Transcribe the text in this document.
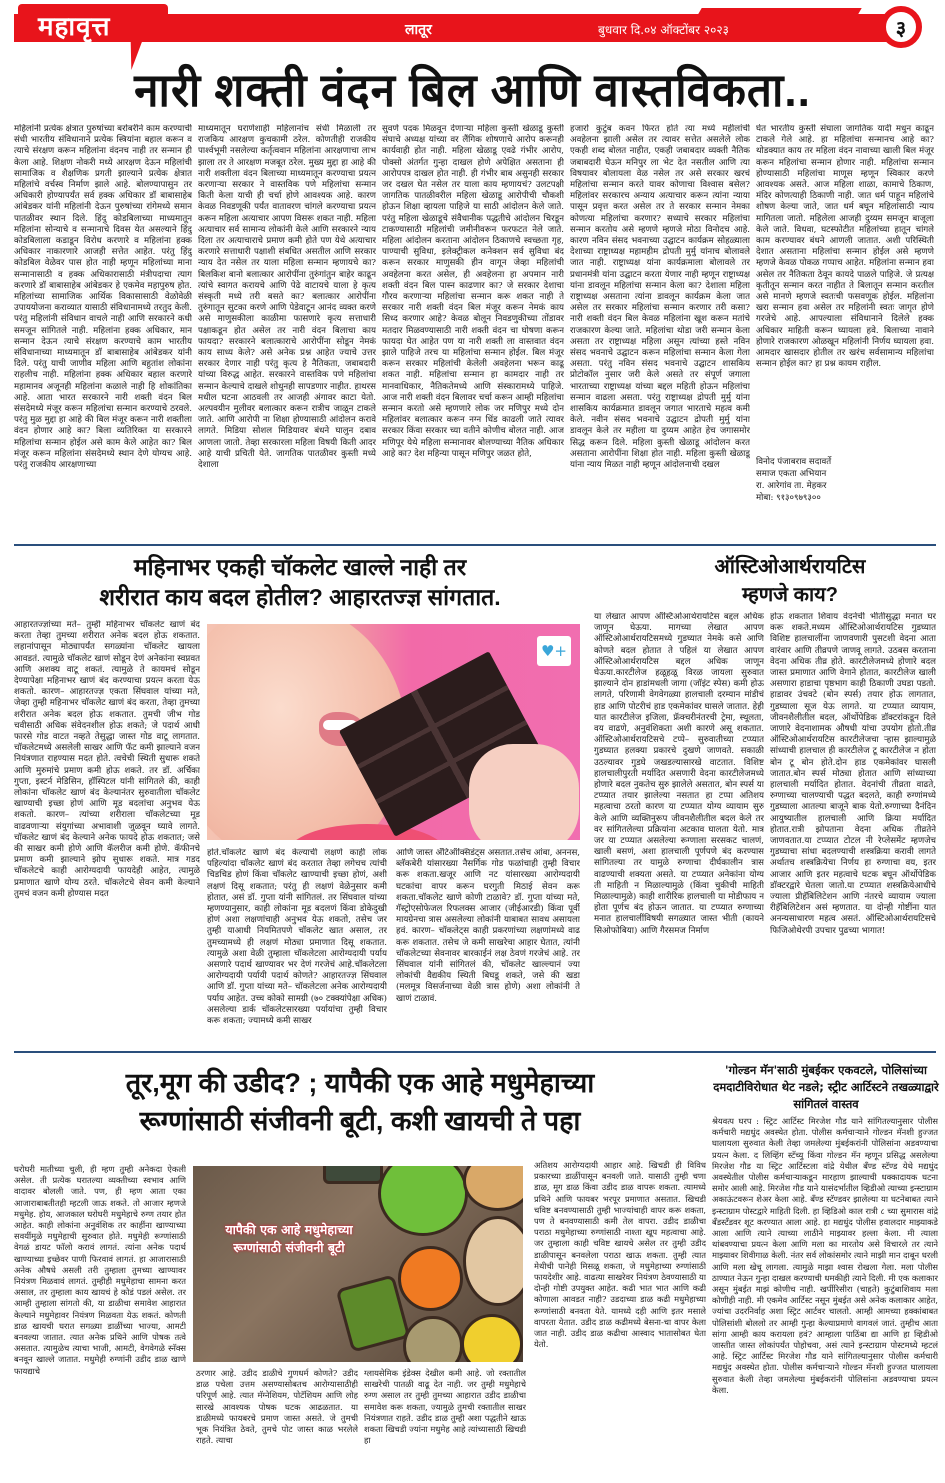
महावृत्त	लातूर	बुधवार दि.०४ ऑक्टोंबर २०२३	३
नारी शक्ती वंदन बिल आणि वास्तविकता..
महिलांनी प्रत्येक क्षेत्रात पुरुषांच्या बरोबरीने काम करण्याची संधी भारतीय संविधानाने प्रत्येक स्त्रियांना बहाल करून व त्याचे संरक्षण करून महिलांना वंदनच नाही तर सन्मान ही केला आहे. शिक्षण नोकरी मध्ये आरक्षण देऊन महिलांची सामाजिक व शैक्षणिक प्रगती झाल्याने प्रत्येक क्षेत्रात महिलांचे वर्चस्व निर्माण झाले आहे. बोलण्यापासुन तर अधिकारी होण्यापर्यंत सर्व हक्क अधिकार डॉ बाबासाहेब आंबेडकर यांनी महिलांनी देऊन पुरुषांच्या रांगेमध्ये समान पातळीवर स्थान दिले. हिंदु कोडबिलाच्या माध्यमातून महिलांना सोन्याचे व सन्मानाचे दिवस येत असल्याने हिंदु कोडबिलाला कडाडून विरोध करणारे व महिलांना हक्क अधिकार नाकारणारे आजही सत्तेत आहेत. परंतु हिंदु कोडबिल वेळेवर पास होत नाही म्हणून महिलांच्या माना सन्मानासाठी व हक्क अधिकारासाठी मंत्रीपदाचा त्याग करणारे डॉ बाबासाहेब आंबेडकर हे एकमेव महापुरुष होत. महिलांच्या सामाजिक आर्थिक विकासासाठी वेळोवेळी उपाययोजना कराव्यात यासाठी संविधानामध्ये तरतुद केली. परंतु महिलांनी संविधान वाचले नाही आणि सरकारने कधी समजून सांगितले नाही. महिलांना हक्क अधिकार, मान सन्मान देऊन त्याचे संरक्षण करण्याचे काम भारतीय संविधानाच्या माध्यमातून डॉ बाबासाहेब आंबेडकर यांनी दिले. परंतु याची जाणीव महिला आणि बहुतांश लोकांना राहलीच नाही. महिलांना हक्क अधिकार बहाल करणारे महामानव अजूनही महिलांना कळाले नाही हि शोकांतिका आहे. आता भारत सरकारने नारी शक्ती वंदन बिल संसदेमध्ये मंजूर करून महिलांचा सन्मान करण्याचे ठरवले. परंतु मुळ मुद्दा हा आहे की बिल मंजूर करून नारी शक्तीला वंदन होणार आहे का? बिला व्यतिरिक्त या सरकारने महिलांचा सन्मान होईल असे काम केले आहेत का? बिल मंजूर करून महिलांना संसदेमध्ये स्थान देणे योग्यच आहे. परंतु राजकीय आरक्षणाच्या
माध्यमातून घराणेशाही महिलानांच संधी मिळाली तर राजकिय आरक्षण कुचकामी ठरेल. कोणतीही राजकीय पार्श्वभूमी नसलेल्या कर्तृत्ववान महिलांना आरक्षणाचा लाभ झाला तर ते आरक्षण मजबूत ठरेल. मुख्य मुद्दा हा आहे की नारी शक्तीला वंदन बिलाच्या माध्यमातून करण्याचा प्रयत्न करणाऱ्या सरकार ने वास्तविक पणे महिलांचा सन्मान किती केला याची ही चर्चा होणे आवश्यक आहे. कारण केवळ निवडणूकी पर्यंत वातावरण चांगले करण्याचा प्रयत्न करून महिला अत्याचार आपण विसरू शकत नाही. महिला अत्याचार सर्व सामान्य लोकांनी केले आणि सरकारने न्याय दिला तर अत्याचाराचे प्रमाण कमी होते पण येथे अत्याचार करणारे सत्ताधारी पक्षाशी संबधित असतील आणि सरकार न्याय देत नसेल तर याला महिला सन्मान म्हणायचे का? बिलकिश बानो बलात्कार आरोपींना तुरुंगांतुन बाहेर काढून त्यांचे स्वागत करायचे आणि पेढे वाटायचे याला हे कृत्य संस्कृती मध्ये तरी बसते का? बलात्कार आरोपींना तुरुंगातून सुटका करणे आणि पेडेवाटून आनंद व्यक्त करणे असे माणुसकीला काळीमा फासणारे कृत्य सत्ताधारी पक्षाकडून होत असेल तर नारी वंदन बिलाचा काय फायदा? सरकारने बलात्काराचे आरोपींना सोडून नेमकं काय साध्य केले? असे अनेक प्रश्न आहेत ज्याचे उत्तर सरकार देणार नाही परंतु कृत्य हे नैतिकता, जबाबदारी यांच्या विरुद्ध आहेत. सरकारने वास्तविक पणे महिलांचा सन्मान केल्याचे दाखले शोधुनही सापडणार नाहीत. हाथरस मधील घटना आठवली तर आजही अंगावर काटा येतो. अल्पवयीन मुलीवर बलात्कार करून रात्रीच जाळून टाकले जाते. आणि आरोपी ना शिक्षा होण्यासाठी आंदोलन करावे लागते. मिडिया सोशल मिडियावर बंधने घालुन दबाव आणला जातो. तेव्हा सरकारला महिला विषयी किती आदर आहे याची प्रचिती येते. जागतिक पातळीवर कुस्ती मध्ये देशाला
सुवर्ण पदक मिळवून देणाऱ्या महिला कुस्ती खेळाडू कुस्ती संघाचे अध्यक्ष यांच्या वर लैंगिक शोषणाचे आरोप करूनही कार्यवाही होत नाही. महिला खेळाडू एवढे गंभीर आरोप, पोक्सो अंतर्गत गुन्हा दाखल होणे अपेक्षित असताना ही आरोपपत्र दाखल होत नाही. ही गंभीर बाब असुनही सरकार जर दखल घेत नसेल तर याला काय म्हणायचं? उलटपक्षी जागतिक पातळीवरील महिला खेळाडू आरोपीची चौकशी होऊन शिक्षा व्हायला पाहिजे या साठी आंदोलन केले जाते. परंतु महिला खेळाडूचे संवैधानीक पद्धतीचे आंदोलन चिरडून टाकण्यासाठी महिलांची जमीनीवरून फरफटत नेले जाते. महिला आंदोलन करताना आंदोलन ठिकाणचे स्वच्छता गृह, पाण्याची सुविधा, इलेक्ट्रीकल कनेक्शन सर्व सुविधा बंद करून सरकार माणुसकी हीन वागून जेव्हा महिलांची अवहेलना करत असेल, ही अवहेलना हा अपमान नारी शक्ती वंदन बिल पास्न काढणार का? जे सरकार देशाचा गौरव करणाऱ्या महिलांचा सन्मान करू शकत नाही ते सरकार नारी शक्ती वंदन बिल मंजूर करून नेमकं काय सिध्द करणार आहे? केवळ बोलून निवडणुकीच्या तोंडावर मतदार मिळवण्यासाठी नारी शक्ती वंदन चा घोषणा करून फायदा घेत आहेत पण या नारी शक्ती ला वास्तवात वंदन झाले पाहिजे तरच या महिलांचा सन्मान होईल. बिल मंजूर करून सरकार महिलांची केलेली अवहेलना भरून काढू शकत नाही. महिलांचा सन्मान हा कामदार नाही तर मानवाधिकार, नैतिकतेमध्ये आणि संस्कारामध्ये पाहिजे. आज नारी शक्ती वंदन बिलावर चर्चा करून आम्ही महिलांचा सन्मान करतो असे म्हणणारे लोक जर मणिपुर मध्ये दोन महिलांवर बलात्कार करून नग्न धिंड काढली जाते त्यावर सरकार किंवा सरकार च्या वतीने कोणीच बोलत नाही. आज मणिपूर येथे महिला सन्मानावर बोलण्याच्या नैतिक अधिकार आहे का? देश महिन्या पासून मणिपुर जळत होते,
हजारो कुटुंब कवन फिरत होते त्या मध्ये महीलांची अवहेलना झाली असेल तर त्यावर सत्तेत असलेले लोक एकही शब्द बोलत नाहीत, एकही जबाबदार व्यक्ती नैतिक जबाबदारी घेऊन मनिपुर ला भेट देत नसतील आणि त्या विषयावर बोलायला वेळ नसेल तर असे सरकार खरचं महिलांचा सन्मान करते यावर कोणाचा विश्वास बसेल? महिलांवर सरकारच अन्याय अत्याचार करून त्यांना न्याया पासून प्रवृत्त करत असेल तर ते सरकार सन्मान नेमका कोणत्या महिलांचा करणार? सध्याचे सरकार महिलांचा सन्मान करतोय असे म्हणणे म्हणजे मोठा विनोदच आहे. कारण नविन संसद भवनाच्या उद्घाटन कार्यक्रम सोहळ्याला देशाच्या राष्ट्राध्यक्ष महामहीम द्रोपती मुर्मु यांनाच बोलावले जात नाही. राष्ट्राध्यक्ष यांना कार्यक्रमाला बोलावले तर प्रधानमंत्री यांना उद्घाटन करता येणार नाही म्हणून राष्ट्राध्यक्ष यांना डावलून महिलांचा सन्मान केला का? देशाला महिला राष्ट्राध्यक्ष असताना त्यांना डावलून कार्यक्रम केला जात असेल तर सरकार महिलांचा सन्मान करणार तरी कसा? नारी शक्ती वंदन बिल केवळ महिलांना खूश करून मतांचे राजकारण केल्या जाते. महिलांचा थोडा जरी सन्मान केला असता तर राष्ट्राध्यक्ष महिला असून त्यांच्या हस्ते नविन संसद भवनाचे उद्घाटन करून महिलांचा सन्मान केला गेला असता. परंतु नविन संसद भवनाचे उद्घाटन शासकिय प्रोटोकॉल नुसार जरी केले असते तर संपूर्ण जगाला भारताच्या राष्ट्राध्यक्ष यांच्या बद्दल महिती होऊन महिलांचा सन्मान वाढला असता. परंतु राष्ट्राध्यक्ष द्रोपती मुर्मु यांना शासकिय कार्यक्रमात डावलून जगात भारताचे महत्व कमी केले. नवीन संसद भवनाचे उद्घाटन द्रोपती मुर्मु यांना डावलून केले तर महीला या दुय्यम आहेत हेच जगासमोर सिद्ध करून दिले. महिला कुस्ती खेळाडू आंदोलन करत असताना आरोपींना शिक्षा होत नाही. महिला कुस्ती खेळाडू यांना न्याय मिळत नाही म्हणून आंदोलनाची दखल
घेत भारतीय कुस्ती संघाला जागतिक यादी मधुन काढून टाकले गेले आहे. हा महिलांचा सन्मानच आहे का? थोडक्यात काय तर महिला वंदन नावाच्या खाली बिल मंजूर करून महिलांचा सन्मान होणार नाही. महिलांचा सन्मान होण्यासाठी महिलांचा माणूस म्हणून स्विकार करणे आवश्यक असते. आज महिला शाळा, कामाचे ठिकाण, मंदिर कोणत्याही ठिकाणी नाही. जात धर्म पाहून महिलांचे शोषण केल्या जाते, जात धर्म बघून महिलांसाठी न्याय मागितला जातो. महिलेला आजही दुय्यम समजून बाजूला केले जाते. विधवा, घटस्फोटीत महिलांच्या हातून चांगले काम करण्यावर बंधने आणली जातात. अशी परिस्थिती देशात असताना महिलांचा सन्मान होईल असे म्हणणे म्हणजे केवळ पोकळ गप्पाच आहेत. महिलांना सन्मान हवा असेल तर नैतिकता ठेवून कायदे पाळले पाहिजे. जे प्रत्यक्ष कृतीतून सन्मान करत नाहीत ते बिलातून सन्मान करतील असे मानणे म्हणजे स्वतःची फसवणूक होईल. महिलांना खरा सन्मान हवा असेल तर महिलांनी स्वतः जागृत होणे गरजेचे आहे. आपल्याला संविधानाने दिलेले हक्क अधिकार माहिती करून घ्यायला हवे. बिलाच्या नावाने होणारे राजकारण ओळखून महिलांनी निर्णय घ्यायला हवा. आमदार खासदार होतील तर खरंच सर्वसामान्य महिलांचा सन्मान होईल का? हा प्रश्न कायम राहील.
विनोद पंजाबराव सदावर्ते
समाज एकता अभियान
रा. आरेगांव ता. मेहकर
मोबा: ९१३०९७९३००
महिनाभर एकही चॉकलेट खाल्ले नाही तर
शरीरात काय बदल होतील? आहारतज्ज्ञ सांगतात.
♥+
आहारतज्ज्ञांच्या मते– तुम्ही महिनाभर चॉकलेट खाणं बंद करता तेव्हा तुमच्या शरीरात अनेक बदल होऊ शकतात. लहानांपासून मोठ्यापर्यंत सगळ्यांना चॉकलेट खायला आवडतं. त्यामुळे चॉकलेट खाणं सोडून देणं अनेकांना स्वप्नवत आणि अशक्य वाटू शकतं. त्यामुळे ते कायमचं सोडून देण्यापेक्षा महिनाभर खाणं बंद करण्याचा प्रयत्न करता येऊ शकतो. कारण– आहारतज्ज्ञ एकता सिंघवाल यांच्या मते, जेव्हा तुम्ही महिनाभर चॉकलेट खाणं बंद करता, तेव्हा तुमच्या शरीरात अनेक बदल होऊ शकतात. तुमची जीभ गोड चवीसाठी अधिक संवेदनशील होऊ शकते; जे पदार्थ आधी फारसे गोड वाटत नव्हते तेसुद्धा जास्त गोड वाटू लागतात. चॉकलेटमध्ये असलेली साखर आणि फॅट कमी झाल्याने वजन नियंत्रणात राहण्यास मदत होते. त्वचेची स्थिती सुधारू शकते आणि मुरुमांचे प्रमाण कमी होऊ शकते. तर डॉ. अर्चिका गुप्ता, इस्टर्न मेडिसिन, हॉस्पिटल यांनी सांगितले की, काही लोकांना चॉकलेट खाणं बंद केल्यानंतर सुरुवातीला चॉकलेट खाण्याची इच्छा होणं आणि मूड बदलांचा अनुभव येऊ शकतो. कारण– त्यांच्या शरीराला चॉकलेटच्या मूड वाढवणाऱ्या संयुगांच्या अभावाशी जुळवून घ्यावे लागते. चॉकलेट खाणं बंद केल्याने अनेक फायदे होऊ शकतात; जसे की साखर कमी होणे आणि कॅलरीज कमी होणे. कॅफीनचे प्रमाण कमी झाल्याने झोप सुधारू शकते. मात्र गडद चॉकलेटचे काही आरोग्यदायी फायदेही आहेत, त्यामुळे प्रमाणात खाणे योग्य ठरते. चॉकलेटचे सेवन कमी केल्याने तुमचं वजन कमी होण्यास मदत
होते.चॉकलेट खाणे बंद केल्याची लक्षणे काही लोक पहिल्यांदा चॉकलेट खाणं बंद करतात तेव्हा लगेचच त्यांची चिडचिड होणं किंवा चॉकलेट खाण्याची इच्छा होणं, अशी लक्षणं दिसू शकतात; परंतु ही लक्षणं वेळेनुसार कमी होतात, असं डॉ. गुप्ता यांनी सांगितलं. तर सिंघवाल यांच्या म्हणण्यानुसार, काही लोकांना मूड बदलणं किंवा डोकेदुखी होणं अशा लक्षणांचाही अनुभव येऊ शकतो, तसेच जर तुम्ही याआधी नियमितपणे चॉकलेट खात असाल, तर तुमच्यामध्ये ही लक्षणं मोठ्या प्रमाणात दिसू शकतात. त्यामुळे अशा वेळी तुम्हाला चॉकलेटला आरोग्यदायी पर्याय असणारे पदार्थ खाण्यावर भर देणं गरजेचं आहे.चॉकलेटला आरोग्यदायी पर्यायी पदार्थ कोणते? आहारतज्ज्ञ सिंघवाल आणि डॉ. गुप्ता यांच्या मते– चॉकलेटला अनेक आरोग्यदायी पर्याय आहेत. उच्च कोको सामग्री (७० टक्क्यांपेक्षा अधिक) असलेल्या डार्क चॉकलेटसारख्या पर्यायांचा तुम्ही विचार करू शकता; ज्यामध्ये कमी साखर
आणि जास्त अँटिऑक्सिडंट्स असतात.तसेच आंबा, अननस, ब्लॅकबेरी यांसारख्या नैसर्गिक गोड फळांचाही तुम्ही विचार करू शकता.खजूर आणि नट यांसारख्या आरोग्यदायी घटकांचा वापर करून घरगुती मिठाई सेवन करू शकता.चॉकलेट खाणे कोणी टाळावे? डॉ. गुप्ता यांच्या मते, गॅस्ट्रोएसोफेजल रिफलक्स आजार (जीईआरडी) किंवा पूर्वी मायग्रेनचा त्रास असलेल्या लोकांनी याबाबत सावध असायला हवं. कारण– चॉकलेट्स काही प्रकरणांच्या लक्षणांमध्ये वाढ करू शकतात. तसेच जे कमी साखरेचा आहार घेतात, त्यांनी चॉकलेटच्या सेवनावर बारकाईनं लक्ष ठेवणं गरजेचं आहे. तर सिंघवाल यांनी सांगितलं की, चॉकलेट खाल्ल्यानं ज्या लोकांची वैद्यकीय स्थिती बिघडू शकते, जसे की खडा (मलमूत्र विसर्जनाच्या वेळी त्रास होणे) अशा लोकांनी ते खाणं टाळावं.
ऑस्टिओआर्थरायटिस
म्हणजे काय?
या लेखात आपण ऑस्टिओआर्थरायटिस बद्दल अधिक जाणून घेऊया. मागच्या लेखात आपण ऑस्टिओआर्थरायटिसमध्ये गुडघ्यात नेमके कसे आणि कोणते बदल होतात ते पहिलं या लेखात आपण ऑस्टिओआर्थरायटिस बद्दल अधिक जाणून घेऊया.कारटीलेज हळूहळू विरळ जायला सुरुवात झाल्याने दोन हाडांमधली जागा (जॉइंट स्पेस) कमी होऊ लागते, परिणामी वेगवेगळ्या हालचाली दरम्यान मांडीचं हाड आणि पोटरीचं हाड एकमेकांवर घासले जातात. हेही यात कारटीलेज इजिला, फ्रॅक्चरीनंतरची ट्रेमा, स्थूलता, वय वाढणे, अनुवंशिकता अशी कारणे असू शकतात. ऑस्टिओआर्थरायटिसचे टप्पे– सुरुवातीच्या टप्प्यात गुडघ्यात हलक्या प्रकारचे दुखणे जाणवते. सकाळी उठल्यावर गुडघे जखडल्यासारखे वाटतात. विशिष्ट हालचालीपुरती मर्यादित असणारी वेदना कारटीलेजमध्ये होणारे बदल नुकतेच सुरु झालेले असतात, बोन स्पर्स या टप्प्यात तयार झालेल्या नसतात हा टप्पा अतिशय महत्वाचा ठरतो कारण या टप्प्यात योग्य व्यायाम सुरु केले आणि व्यक्तिनुरूप जीवनशैलीतील बदल केले तर वर सांगितलेल्या प्रक्रियांना अटकाव घालता येतो. मात्र जर या टप्प्यात असलेल्या रूग्णाला सरसकट चालणं, खाली बसणं, अशा हालचाली पूर्णपणे बंद करण्यास सांगितल्या तर यामुळे रुग्णाचा दीर्घकालीन त्रास वाढण्याची शक्यता असते. या टप्प्यात अनेकांना योग्य ती माहिती न मिळाल्यामुळे (किंवा चुकीची माहिती मिळाल्यामुळे) काही शारीरिक हालचाली या मोडीफाय न होता पूर्णच बंद होऊन जातात. या टप्प्यात रुग्णाच्या मनात हालचालींविषयी सगळ्यात जास्त भीती (कायने सिओफोबिया) आणि गैरसमज निर्माण
होऊ शकतात शिवाय वेदनेची भीतीसुद्धा मनात घर करू शकते.मध्यम ऑस्टिओआर्थरायटिस गुडघ्यात विशिष्ट हालचालींना जाणवणारी पुसटशी वेदना आता वारंवार आणि तीव्रपणे जाणवू लागते. उठबस करताना वेदना अधिक तीव्र होते. कारटीलेजमध्ये होणारे बदल जास्त प्रमाणात आणि वेगाने होतात, कारटीलेज खाली असणारा हाडाचा पृष्ठभाग काही ठिकाणी उघडा पडतो. हाडावर उंचवटे (बोन स्पर्स) तयार होऊ लागतात, गुडघ्याला सूज येऊ लागते. या टप्प्यात व्यायाम, जीवनशैलीतील बदल, ऑर्थोपेडिक डॉक्टरांकडून दिले जाणारे वेदनाशामक औषधी यांचा उपयोग होतो.तीव्र ऑस्टिओआर्थरायटिस कारटीलेजचा ऱ्हास झाल्यामुळे सांध्याची हालचाल ही कारटीलेज टू कारटीलेज न होता बोन टू बोन होते.दोन हाड एकमेकांवर घासली जातात.बोन स्पर्स मोठ्या होतात आणि सांध्याच्या हालचाली मर्यादित होतात. वेदनांची तीव्रता वाढते, रुग्णाच्या चालण्याची पद्धत बदलते, काही रुग्णांमध्ये गुडघ्याला आतल्या बाजूने बाक येतो.रुग्णाच्या दैनंदिन आयुष्यातील हालचाली आणि क्रिया मर्यादित होतात.रात्री झोपताना वेदना अधिक तीव्रतेने जाणवतात.या टप्प्यात टोटल नी रेप्लेसमेंट म्हणजेच गुडघ्याचा सांधा बदलण्याची शस्त्रक्रिया करावी लागते अर्थातच शस्त्रक्रियेचा निर्णय हा रुग्णाचा वय, इतर आजार आणि इतर महत्वाचे घटक बघून ऑर्थोपेडिक डॉक्टरद्वारे घेतला जातो.या टप्प्यात शस्त्रक्रियेआधीचे ज्याला प्रीहॅबिलिटेशन आणि नंतरचे व्यायाम ज्याला रीहॅबिलिटेशन असं म्हणतात. या दोन्ही गोष्टींना यात अनन्यसाधारण महत्व असतं. ऑस्टिओआर्थरायटिसचे फिजिओथेरपी उपचार पुढच्या भागात!
तूर,मूग की उडीद? ; यापैकी एक आहे मधुमेहाच्या
रूग्णांसाठी संजीवनी बूटी, कशी खायची ते पहा
यापैकी एक आहे मधुमेहाच्या
रूग्णांसाठी संजीवनी बूटी
घरोघरी मातीच्या चुली, ही म्हण तुम्ही अनेकदा ऐकली असेल. ती प्रत्येक घरातल्या व्यक्तीच्या स्वभाव आणि वादावर बोलली जाते. पण, ही म्हण आता एका आजाराबाबतीतही म्हटली जाऊ शकते. तो आजार म्हणजे मधुमेह. होय, आजकाल घरोघरी मधुमेहाचे रुग्ण तयार होत आहेत. काही लोकांना अनुवंशिक तर काहींना खाण्याच्या सवयींमुळे मधुमेहाची सुरुवात होते. मधुमेही रूग्णांसाठी वेगळं डायट फॉलो करावं लागतं. त्यांना अनेक पदार्थ खाण्याच्या इच्छेवर पाणी फिरवावं लागतं. हा आजारासाठी अनेक औषधे असली तरी तुम्हाला तुमच्या खाण्यावर नियंत्रण मिळवावं लागतं. तुम्हीही मधुमेहाचा सामना करत असाल, तर तुम्हाला काय खायचं हे कोडं पडलं असेल. तर आम्ही तुम्हाला सांगतो की, या डाळीचा समावेश आहारात केल्याने मधुमेहावर नियंत्रण मिळवता येऊ शकतं. कोणती डाळ खायची घरात सगळ्या डाळींच्या भाज्या, आमटी बनवल्या जातात. त्यात अनेक प्रथिने आणि पोषक तत्वे असतात. त्यामुळेच त्याचा भाजी, आमटी, वेगवेगळे स्नॅक्स बनवून खाल्ले जातात. मधुमेही रुग्णांनी उडीद डाळ खाणे फायद्याचे	ठरणार आहे. उडीद डाळीचे गुणधर्म कोणते? उडीद डाळ पचेला उत्तम असण्यासोबतच आरोग्यासाठीही परिपूर्ण आहे. त्यात मॅग्नेशियम, पोटॅशियम आणि लोह सारखे आवश्यक पोषक घटक आढळतात. या डाळीमध्ये फायबरचे प्रमाण जास्त असते. जे तुमची भूक नियंत्रित ठेवते, तुमचे पोट जास्त काळ भरलेले राहते. त्याचा
ग्लायसेमिक इंडेक्स देखील कमी आहे. जो रक्तातील साखरेची पातळी वाढू देत नाही. जर तुम्ही मधुमेहाचे रुग्ण असाल तर तुम्ही तुमच्या आहारात उडीद डाळीचा समावेश करू शकता, ज्यामुळे तुमची रक्तातील साखर नियंत्रणात राहते. उडीद डाळ तुम्ही अशा पद्धतीने खाऊ शकता खिचडी ज्यांना मधुमेह आहे त्यांच्यासाठी खिचडी हा
अतिशय आरोग्यदायी आहार आहे. खिचडी ही विविध प्रकारच्या डाळींपासून बनवली जाते. यासाठी तुम्ही चणा डाळ, मूग डाळ किंवा उडीद डाळ वापरू शकता. त्यामध्ये प्रथिने आणि फायबर भरपूर प्रमाणात असतात. खिचडी चविष्ट बनवण्यासाठी तुम्ही भाज्यांचाही वापर करू शकता, पण ते बनवण्यासाठी कमी तेल वापरा. उडीद डाळीचा पराठा मधुमेहाच्या रुग्णांसाठी नाश्ता खूप महत्वाचा आहे. जर तुम्हाला काही चविष्ट खायचे असेल तर तुम्ही उडीद डाळीपासून बनवलेला पराठा खाऊ शकता. तुम्ही त्यात मेथीची पानेही मिसळू शकता, जे मधुमेहाच्या रुग्णांसाठी फायदेशीर आहे. वाढत्या साखरेवर नियंत्रण ठेवण्यासाठी या दोन्ही गोष्टी उपयुक्त आहेत. कढी भात भात आणि कढी कोणाला आवडत नाही? उडदाच्या डाळ कढी मधुमेहाच्या रूग्णांसाठी बनवता येते. यामध्ये दही आणि इतर मसाले वापरता येतात. उडीद डाळ कढीमध्ये बेसना-चा वापर केला जात नाही. उडीद डाळ कढीचा आस्वाद भातासोबत घेता येतो.
'गोल्डन मॅन'साठी मुंबईकर एकवटले, पोलिसांच्या दमदाटीविरोधात थेट नडले; स्ट्रीट आर्टिस्टने तखळ्याद्वारे सांगितलं वास्तव
श्रेयवत्प घरप : स्ट्रिट आर्टिस्ट मिरजेश गौड याने सांगितल्यानुसार पोलीस कर्मचारी मद्यधुंद अवस्थेत होता. पोलीस कर्मचाऱ्याने गोल्डन मॅनशी हुज्जत घालायला सुरुवात केली तेव्हा जमलेल्या मुंबईकरांनी पोलिसांना अडवण्याचा प्रयत्न केला. द लिव्हिंग स्टॅच्यु किंवा गोल्डन मॅन म्हणून प्रसिद्ध असलेल्या मिरजेश गौड या स्ट्रिट आर्टिस्टला वांद्रे येथील बँण्ड स्टॅण्ड येथे मद्यधुंद अवस्थेतील पोलीस कर्मचाऱ्याकडून मारहाण झाल्याची धक्कादायक घटना समोर आली आहे. मिरजेश गौड याने यासंदर्भातील व्हिडीओ त्याच्या इन्स्टाग्राम अकाऊंटवरून शेअर केला आहे. बँण्ड स्टॅण्डवर झालेल्या या घटनेबाबत त्याने इन्स्टाग्राम पोस्टद्वारे माहिती दिली. हा व्हिडिओ काल रात्री ८ च्या सुमारास वांद्रे बँडस्टँडवर शूट करण्यात आला आहे. हा मद्यधुंद पोलीस हवालदार माझ्याकडे आला आणि त्याने त्याच्या लाठीने माझ्यावर हल्ला केला. मी त्याला थांबवण्याचा प्रयत्न केला आणि मला का मारतोय असे विचारले तर त्याने माझ्यावर शिवीगाळ केली. नंतर सर्व लोकांसमोर त्याने माझी मान दाबून धरली आणि मला खेचू लागला. त्यामुळे माझा श्वास रोखला गेला. मला पोलीस ठाण्यात नेऊन गुन्हा दाखल करण्याची धमकीही त्याने दिली. मी एक कलाकार असून मुंबईत माझं कोणीच नाही. खर्पीरिसीरा (चाहते) कुटुंबाशिवाय मला कोणीही नाही. मी एकमेव आर्टिस्ट नसून मुंबईत असे अनेक कलाकार आहेत, ज्यांचा उदरनिर्वाह अशा स्ट्रिट आर्टवर चालतो. आम्ही आमच्या हक्कांबाबत पोलिसांशी बोललो तर आम्ही गुन्हा केल्याप्रमाणे वागवलं जातं. तुम्हीच आता सांगा आम्ही काय करायला हवं? आम्हाला पाठिंबा द्या आणि हा व्हिडीओ जास्तीत जास्त लोकांपर्यंत पोहोचवा, असं त्याने इन्स्टाग्राम पोस्टमध्ये म्हटलं आहे. स्ट्रिट आर्टिस्ट मिरजेश गौड याने सांगितल्यानुसार पोलीस कर्मचारी मद्यधुंद अवस्थेत होता. पोलीस कर्मचाऱ्याने गोल्डन मॅनशी हुज्जत घालायला सुरुवात केली तेव्हा जमलेल्या मुंबईकरांनी पोलिसांना अडवण्याचा प्रयत्न केला.
